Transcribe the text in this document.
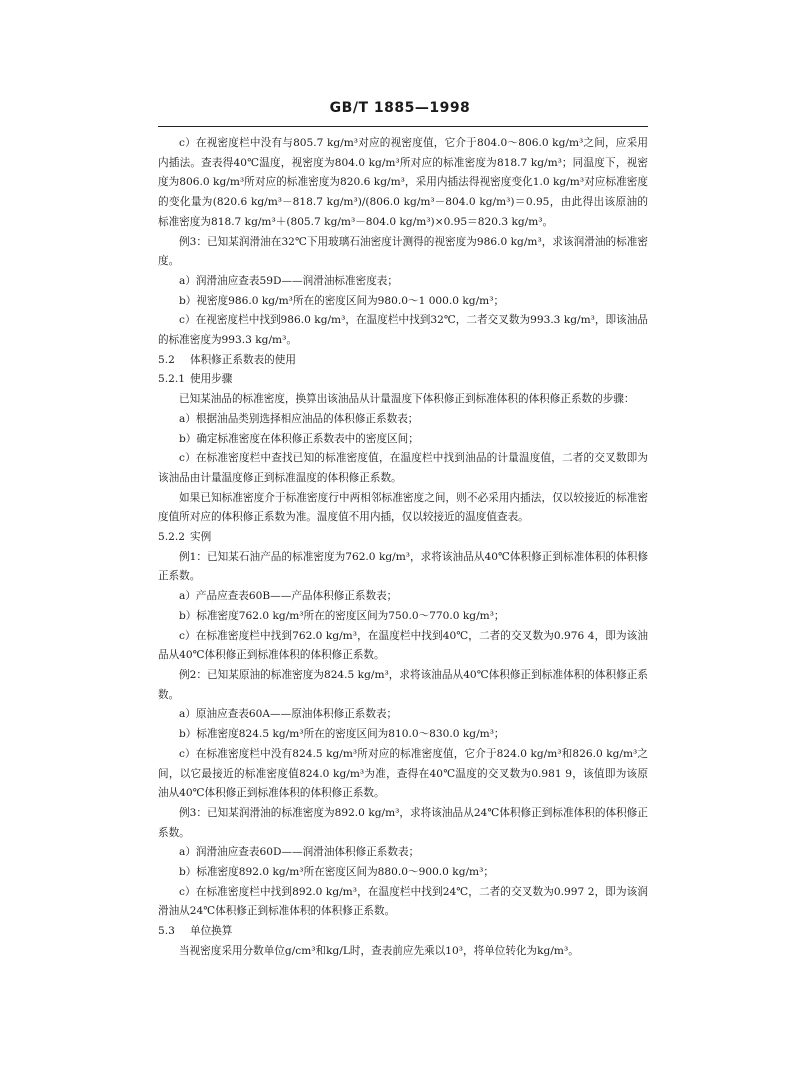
GB/T 1885—1998

c）在视密度栏中没有与805.7 kg/m³对应的视密度值，它介于804.0～806.0 kg/m³之间，应采用内插法。查表得40℃温度，视密度为804.0 kg/m³所对应的标准密度为818.7 kg/m³；同温度下，视密度为806.0 kg/m³所对应的标准密度为820.6 kg/m³，采用内插法得视密度变化1.0 kg/m³对应标准密度的变化量为(820.6 kg/m³－818.7 kg/m³)/(806.0 kg/m³－804.0 kg/m³)＝0.95，由此得出该原油的标准密度为818.7 kg/m³＋(805.7 kg/m³－804.0 kg/m³)×0.95＝820.3 kg/m³。

例3：已知某润滑油在32℃下用玻璃石油密度计测得的视密度为986.0 kg/m³，求该润滑油的标准密度。

a）润滑油应查表59D——润滑油标准密度表；

b）视密度986.0 kg/m³所在的密度区间为980.0～1 000.0 kg/m³；

c）在视密度栏中找到986.0 kg/m³，在温度栏中找到32℃，二者交叉数为993.3 kg/m³，即该油品的标准密度为993.3 kg/m³。

5.2 体积修正系数表的使用

5.2.1 使用步骤

已知某油品的标准密度，换算出该油品从计量温度下体积修正到标准体积的体积修正系数的步骤：

a）根据油品类别选择相应油品的体积修正系数表；

b）确定标准密度在体积修正系数表中的密度区间；

c）在标准密度栏中查找已知的标准密度值，在温度栏中找到油品的计量温度值，二者的交叉数即为该油品由计量温度修正到标准温度的体积修正系数。

如果已知标准密度介于标准密度行中两相邻标准密度之间，则不必采用内插法，仅以较接近的标准密度值所对应的体积修正系数为准。温度值不用内插，仅以较接近的温度值查表。

5.2.2 实例

例1：已知某石油产品的标准密度为762.0 kg/m³，求将该油品从40℃体积修正到标准体积的体积修正系数。

a）产品应查表60B——产品体积修正系数表；

b）标准密度762.0 kg/m³所在的密度区间为750.0～770.0 kg/m³；

c）在标准密度栏中找到762.0 kg/m³，在温度栏中找到40℃，二者的交叉数为0.976 4，即为该油品从40℃体积修正到标准体积的体积修正系数。

例2：已知某原油的标准密度为824.5 kg/m³，求将该油品从40℃体积修正到标准体积的体积修正系数。

a）原油应查表60A——原油体积修正系数表；

b）标准密度824.5 kg/m³所在的密度区间为810.0～830.0 kg/m³；

c）在标准密度栏中没有824.5 kg/m³所对应的标准密度值，它介于824.0 kg/m³和826.0 kg/m³之间，以它最接近的标准密度值824.0 kg/m³为准，查得在40℃温度的交叉数为0.981 9，该值即为该原油从40℃体积修正到标准体积的体积修正系数。

例3：已知某润滑油的标准密度为892.0 kg/m³，求将该油品从24℃体积修正到标准体积的体积修正系数。

a）润滑油应查表60D——润滑油体积修正系数表；

b）标准密度892.0 kg/m³所在密度区间为880.0～900.0 kg/m³；

c）在标准密度栏中找到892.0 kg/m³，在温度栏中找到24℃，二者的交叉数为0.997 2，即为该润滑油从24℃体积修正到标准体积的体积修正系数。

5.3 单位换算

当视密度采用分数单位g/cm³和kg/L时，查表前应先乘以10³，将单位转化为kg/m³。
